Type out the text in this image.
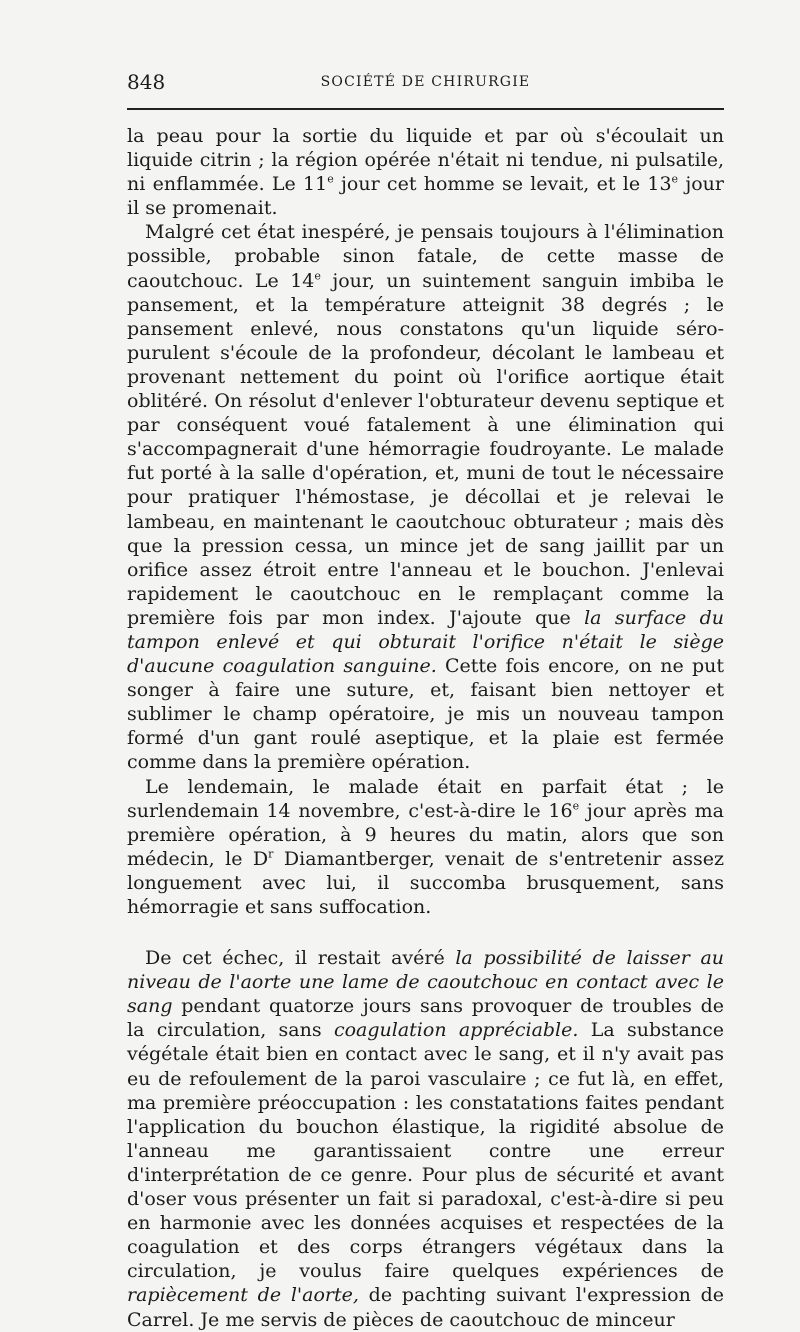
848	SOCIÉTÉ DE CHIRURGIE

la peau pour la sortie du liquide et par où s'écoulait un liquide citrin ; la région opérée n'était ni tendue, ni pulsatile, ni enflammée. Le 11e jour cet homme se levait, et le 13e jour il se promenait.

Malgré cet état inespéré, je pensais toujours à l'élimination possible, probable sinon fatale, de cette masse de caoutchouc. Le 14e jour, un suintement sanguin imbiba le pansement, et la température atteignit 38 degrés ; le pansement enlevé, nous constatons qu'un liquide séro-purulent s'écoule de la profondeur, décolant le lambeau et provenant nettement du point où l'orifice aortique était oblitéré. On résolut d'enlever l'obturateur devenu septique et par conséquent voué fatalement à une élimination qui s'accompagnerait d'une hémorragie foudroyante. Le malade fut porté à la salle d'opération, et, muni de tout le nécessaire pour pratiquer l'hémostase, je décollai et je relevai le lambeau, en maintenant le caoutchouc obturateur ; mais dès que la pression cessa, un mince jet de sang jaillit par un orifice assez étroit entre l'anneau et le bouchon. J'enlevai rapidement le caoutchouc en le remplaçant comme la première fois par mon index. J'ajoute que la surface du tampon enlevé et qui obturait l'orifice n'était le siège d'aucune coagulation sanguine. Cette fois encore, on ne put songer à faire une suture, et, faisant bien nettoyer et sublimer le champ opératoire, je mis un nouveau tampon formé d'un gant roulé aseptique, et la plaie est fermée comme dans la première opération.

Le lendemain, le malade était en parfait état ; le surlendemain 14 novembre, c'est-à-dire le 16e jour après ma première opération, à 9 heures du matin, alors que son médecin, le $D^r$ Diamantberger, venait de s'entretenir assez longuement avec lui, il succomba brusquement, sans hémorragie et sans suffocation.

De cet échec, il restait avéré la possibilité de laisser au niveau de l'aorte une lame de caoutchouc en contact avec le sang pendant quatorze jours sans provoquer de troubles de la circulation, sans coagulation appréciable. La substance végétale était bien en contact avec le sang, et il n'y avait pas eu de refoulement de la paroi vasculaire ; ce fut là, en effet, ma première préoccupation : les constatations faites pendant l'application du bouchon élastique, la rigidité absolue de l'anneau me garantissaient contre une erreur d'interprétation de ce genre. Pour plus de sécurité et avant d'oser vous présenter un fait si paradoxal, c'est-à-dire si peu en harmonie avec les données acquises et respectées de la coagulation et des corps étrangers végétaux dans la circulation, je voulus faire quelques expériences de rapiècement de l'aorte, de pachting suivant l'expression de Carrel. Je me servis de pièces de caoutchouc de minceur
